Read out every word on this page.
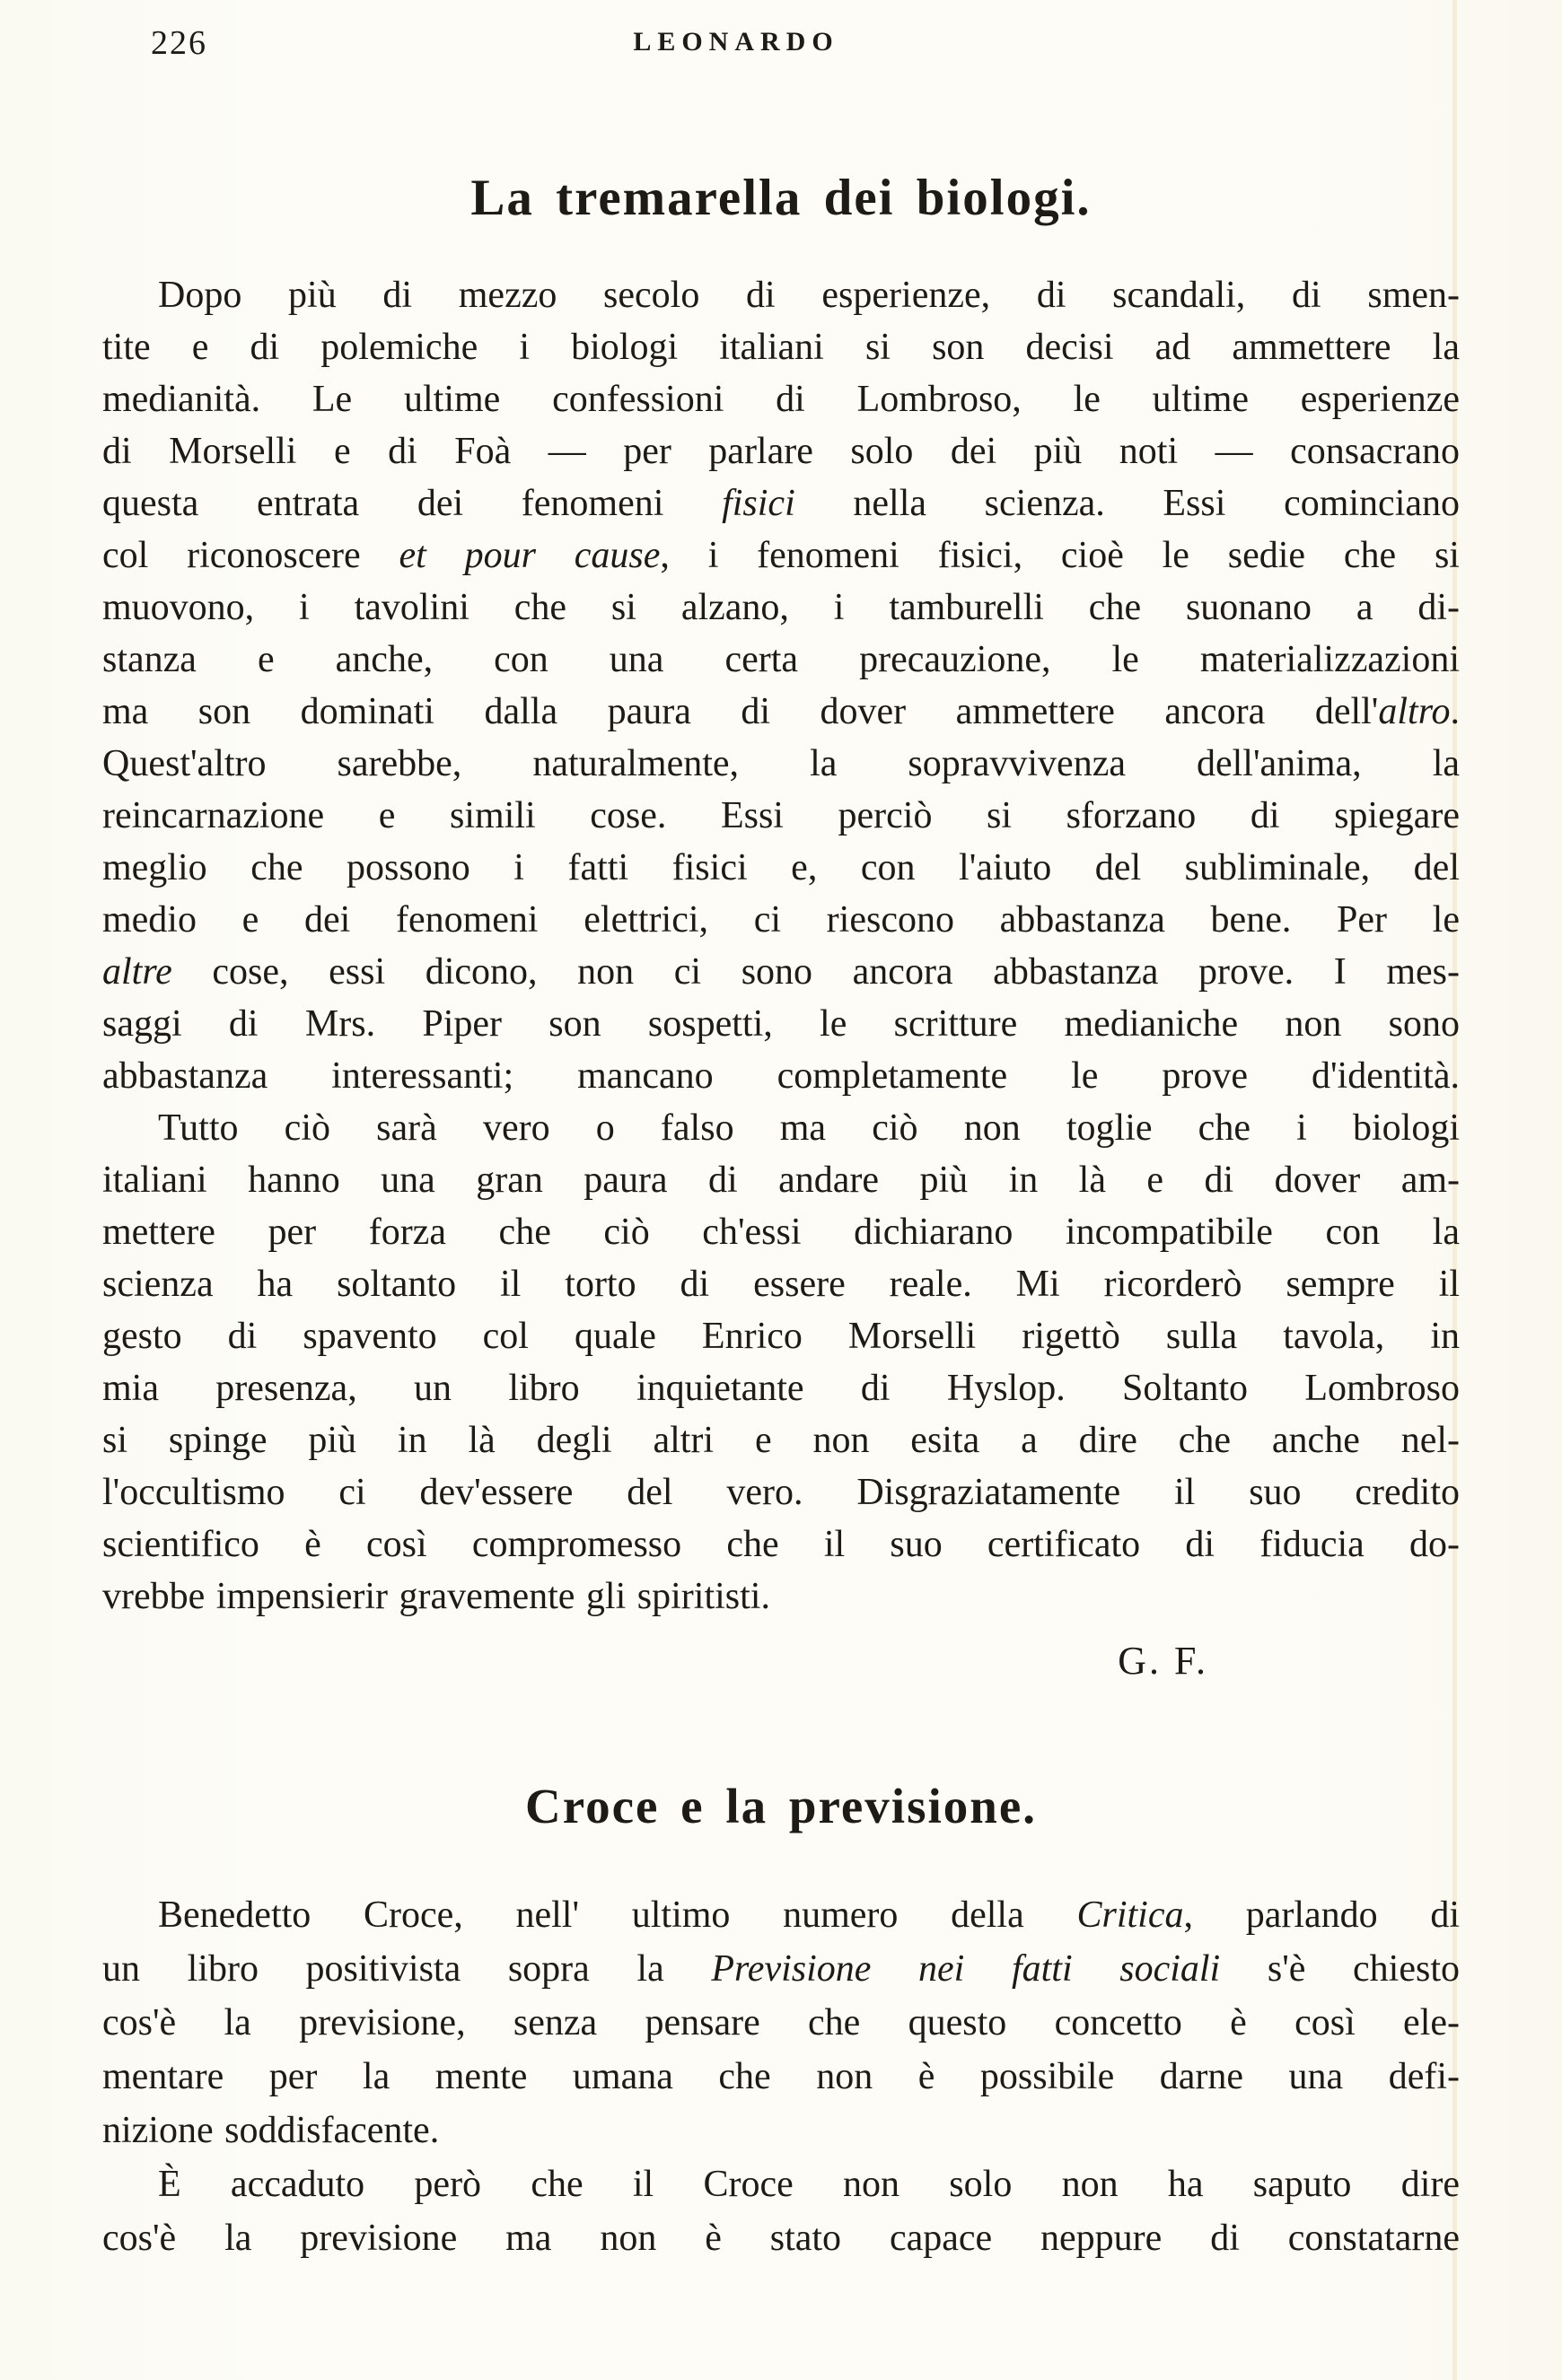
226	LEONARDO
La tremarella dei biologi.
Dopo più di mezzo secolo di esperienze, di scandali, di smen-
tite e di polemiche i biologi italiani si son decisi ad ammettere la
medianità. Le ultime confessioni di Lombroso, le ultime esperienze
di Morselli e di Foà — per parlare solo dei più noti — consacrano
questa entrata dei fenomeni fisici nella scienza. Essi cominciano
col riconoscere et pour cause, i fenomeni fisici, cioè le sedie che si
muovono, i tavolini che si alzano, i tamburelli che suonano a di-
stanza e anche, con una certa precauzione, le materializzazioni
ma son dominati dalla paura di dover ammettere ancora dell'altro.
Quest'altro sarebbe, naturalmente, la sopravvivenza dell'anima, la
reincarnazione e simili cose. Essi perciò si sforzano di spiegare
meglio che possono i fatti fisici e, con l'aiuto del subliminale, del
medio e dei fenomeni elettrici, ci riescono abbastanza bene. Per le
altre cose, essi dicono, non ci sono ancora abbastanza prove. I mes-
saggi di Mrs. Piper son sospetti, le scritture medianiche non sono
abbastanza interessanti; mancano completamente le prove d'identità.
Tutto ciò sarà vero o falso ma ciò non toglie che i biologi
italiani hanno una gran paura di andare più in là e di dover am-
mettere per forza che ciò ch'essi dichiarano incompatibile con la
scienza ha soltanto il torto di essere reale. Mi ricorderò sempre il
gesto di spavento col quale Enrico Morselli rigettò sulla tavola, in
mia presenza, un libro inquietante di Hyslop. Soltanto Lombroso
si spinge più in là degli altri e non esita a dire che anche nel-
l'occultismo ci dev'essere del vero. Disgraziatamente il suo credito
scientifico è così compromesso che il suo certificato di fiducia do-
vrebbe impensierir gravemente gli spiritisti.
G. F.
Croce e la previsione.
Benedetto Croce, nell' ultimo numero della Critica, parlando di
un libro positivista sopra la Previsione nei fatti sociali s'è chiesto
cos'è la previsione, senza pensare che questo concetto è così ele-
mentare per la mente umana che non è possibile darne una defi-
nizione soddisfacente.
È accaduto però che il Croce non solo non ha saputo dire
cos'è la previsione ma non è stato capace neppure di constatarne
